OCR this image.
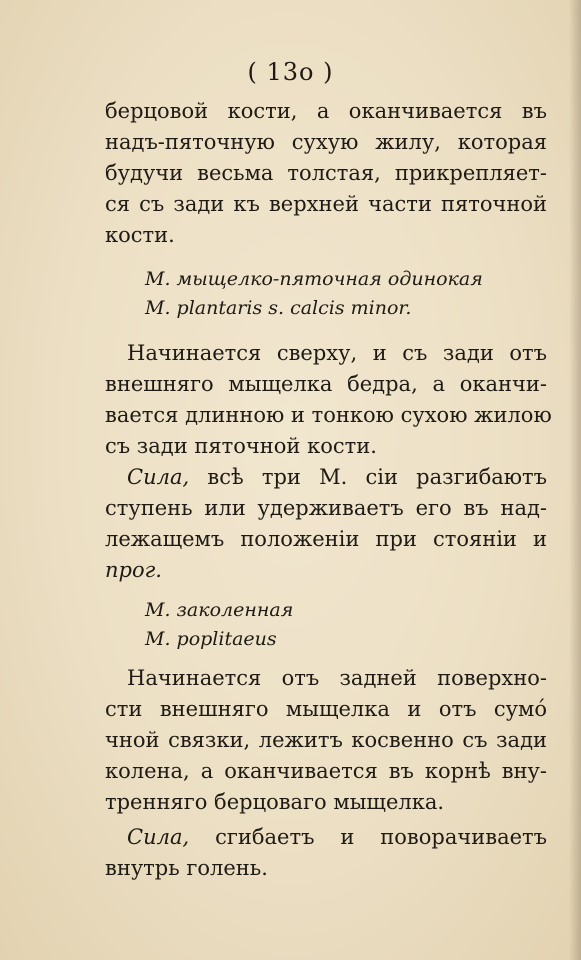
( 13о )
берцовой кости, а оканчивается въ
надъ-пяточную сухую жилу, которая
будучи весьма толстая, прикрепляет-
ся съ зади къ верхней части пяточной
кости.
М. мыщелко-пяточная одинокая
M. plantaris s. calcis minor.
Начинается сверху, и съ зади отъ
внешняго мыщелка бедра, а оканчи-
вается длинною и тонкою сухою жилою
съ зади пяточной кости.
Сила, всѣ три М. сiи разгибаютъ
ступень или удерживаетъ его въ над-
лежащемъ положенiи при стоянiи и
прог.
М. заколенная
M. poplitaeus
Начинается отъ задней поверхно-
сти внешняго мыщелка и отъ сумо́
чной связки, лежитъ косвенно съ зади
колена, а оканчивается въ корнѣ вну-
тренняго берцоваго мыщелка.
Сила, сгибаетъ и поворачиваетъ
внутрь голень.
